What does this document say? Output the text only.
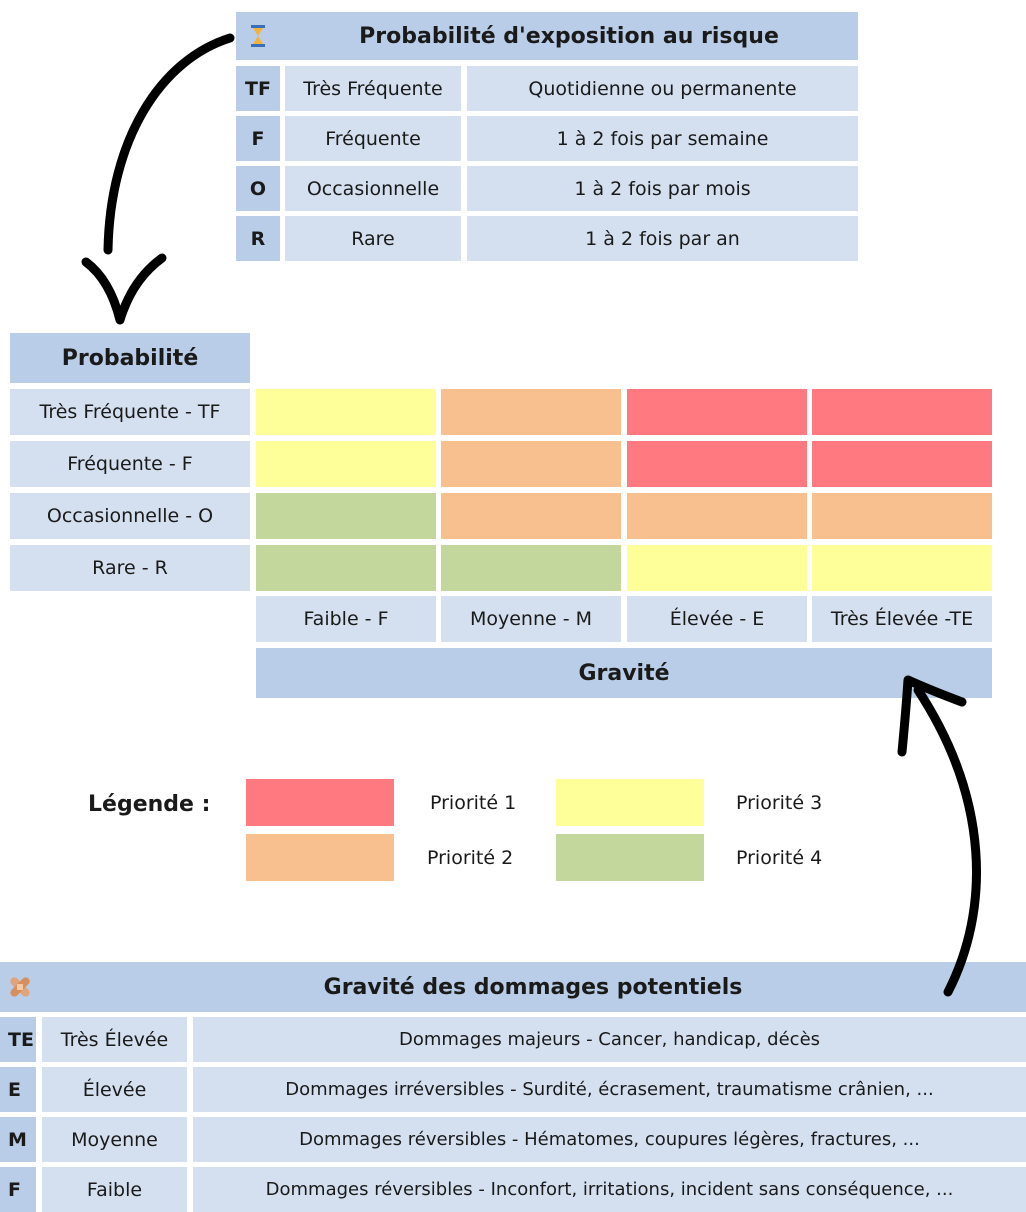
Probabilité d'exposition au risque
TF	Très Fréquente	Quotidienne ou permanente
F	Fréquente	1 à 2 fois par semaine
O	Occasionnelle	1 à 2 fois par mois
R	Rare	1 à 2 fois par an
Probabilité
Gravité
Très Fréquente - TF
Fréquente - F
Occasionnelle - O
Rare - R
Faible - F	Moyenne - M	Élevée - E	Très Élevée -TE
Légende :	Priorité 1
Priorité 2
Priorité 3
Priorité 4
Gravité des dommages potentiels
TE	Très Élevée	Dommages majeurs - Cancer, handicap, décès
E	Élevée	Dommages irréversibles - Surdité, écrasement, traumatisme crânien, ...
M	Moyenne	Dommages réversibles - Hématomes, coupures légères, fractures, ...
F	Faible	Dommages réversibles - Inconfort, irritations, incident sans conséquence, ...
